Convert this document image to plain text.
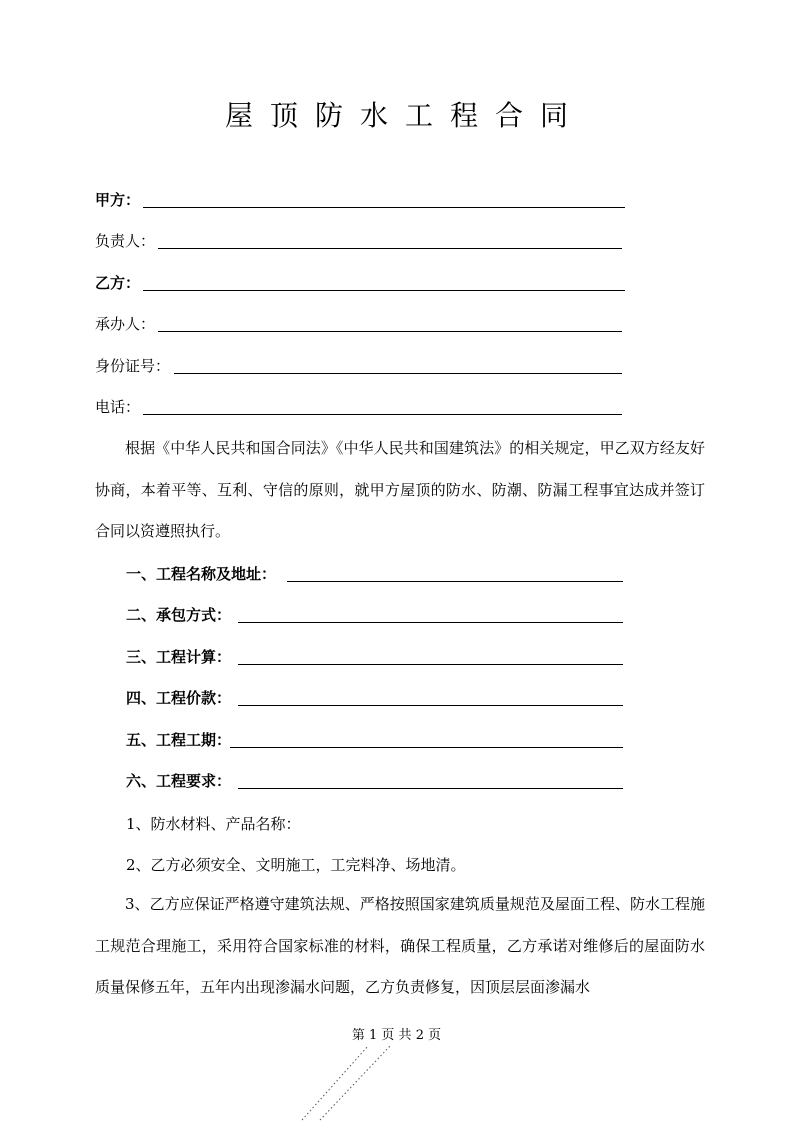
屋顶防水工程合同
甲方：
负责人：
乙方：
承办人：
身份证号：
电话：
根据《中华人民共和国合同法》《中华人民共和国建筑法》的相关规定，甲乙双方经友好协商，本着平等、互利、守信的原则，就甲方屋顶的防水、防潮、防漏工程事宜达成并签订合同以资遵照执行。
一、工程名称及地址：
二、承包方式：
三、工程计算：
四、工程价款：
五、工程工期：
六、工程要求：
1、防水材料、产品名称：
2、乙方必须安全、文明施工，工完料净、场地清。
3、乙方应保证严格遵守建筑法规、严格按照国家建筑质量规范及屋面工程、防水工程施工规范合理施工，采用符合国家标准的材料，确保工程质量，乙方承诺对维修后的屋面防水质量保修五年，五年内出现渗漏水问题，乙方负责修复，因顶层层面渗漏水
第 1 页 共 2 页
